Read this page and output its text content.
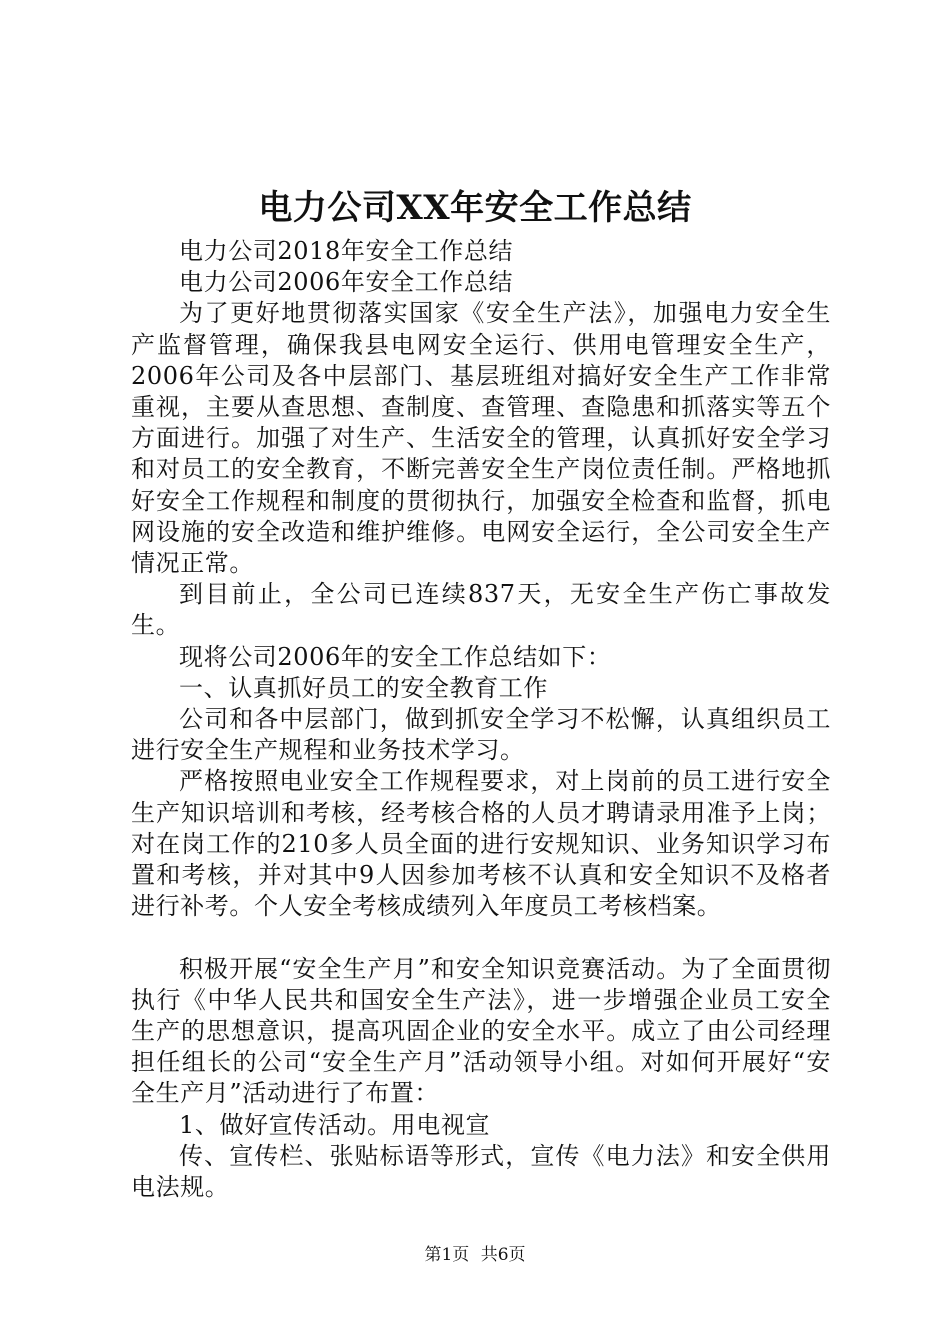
电力公司XX年安全工作总结

电力公司2018年安全工作总结

电力公司2006年安全工作总结

为了更好地贯彻落实国家《安全生产法》，加强电力安全生产监督管理，确保我县电网安全运行、供用电管理安全生产，2006年公司及各中层部门、基层班组对搞好安全生产工作非常重视，主要从查思想、查制度、查管理、查隐患和抓落实等五个方面进行。加强了对生产、生活安全的管理，认真抓好安全学习和对员工的安全教育，不断完善安全生产岗位责任制。严格地抓好安全工作规程和制度的贯彻执行，加强安全检查和监督，抓电网设施的安全改造和维护维修。电网安全运行，全公司安全生产情况正常。

到目前止，全公司已连续837天，无安全生产伤亡事故发生。

现将公司2006年的安全工作总结如下：

一、认真抓好员工的安全教育工作

公司和各中层部门，做到抓安全学习不松懈，认真组织员工进行安全生产规程和业务技术学习。

严格按照电业安全工作规程要求，对上岗前的员工进行安全生产知识培训和考核，经考核合格的人员才聘请录用准予上岗；对在岗工作的210多人员全面的进行安规知识、业务知识学习布置和考核，并对其中9人因参加考核不认真和安全知识不及格者进行补考。个人安全考核成绩列入年度员工考核档案。

积极开展“安全生产月”和安全知识竞赛活动。为了全面贯彻执行《中华人民共和国安全生产法》，进一步增强企业员工安全生产的思想意识，提高巩固企业的安全水平。成立了由公司经理担任组长的公司“安全生产月”活动领导小组。对如何开展好“安全生产月”活动进行了布置：

1、做好宣传活动。用电视宣

传、宣传栏、张贴标语等形式，宣传《电力法》和安全供用电法规。

第1页 共6页
